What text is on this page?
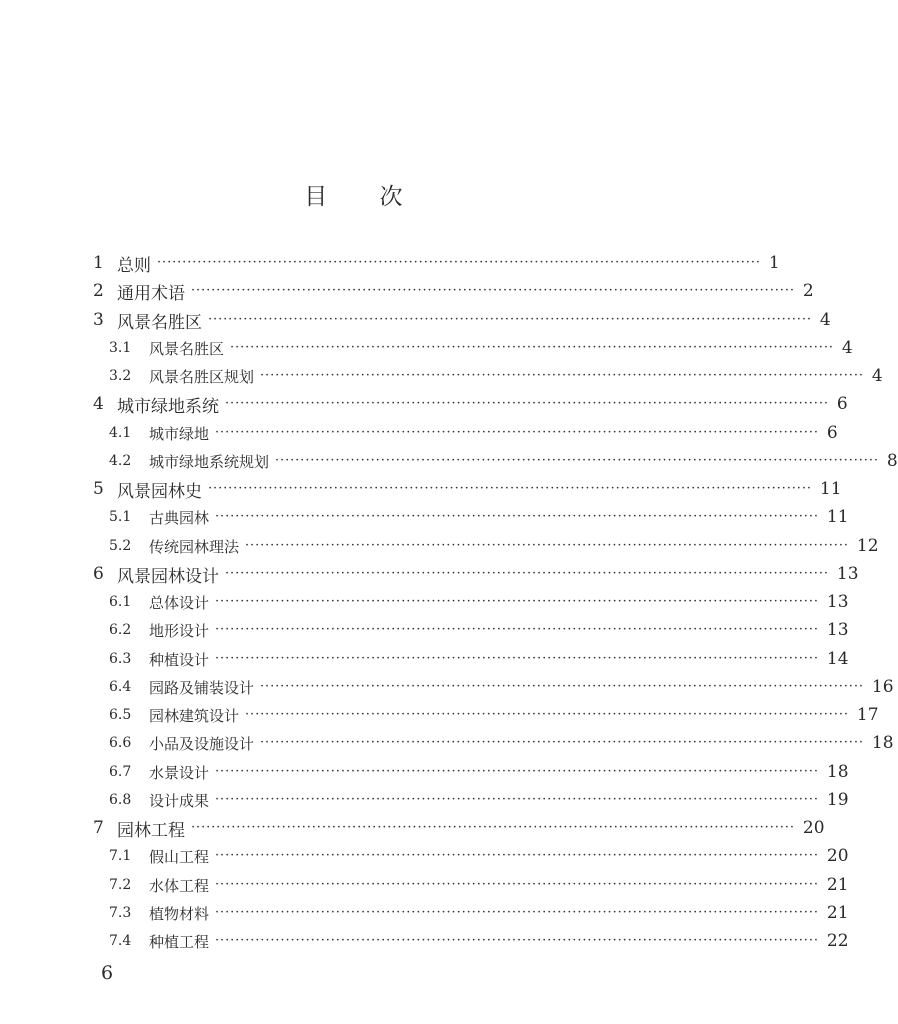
目 次
1 总则 ························································································································ 1
2 通用术语 ························································································································ 2
3 风景名胜区 ························································································································ 4
3.1	风景名胜区 ························································································································ 4
3.2	风景名胜区规划 ························································································································ 4
4 城市绿地系统 ························································································································ 6
4.1	城市绿地 ························································································································ 6
4.2	城市绿地系统规划 ························································································································ 8
5 风景园林史 ························································································································ 11
5.1	古典园林 ························································································································ 11
5.2	传统园林理法 ························································································································ 12
6 风景园林设计 ························································································································ 13
6.1	总体设计 ························································································································ 13
6.2	地形设计 ························································································································ 13
6.3	种植设计 ························································································································ 14
6.4	园路及铺装设计 ························································································································ 16
6.5	园林建筑设计 ························································································································ 17
6.6	小品及设施设计 ························································································································ 18
6.7	水景设计 ························································································································ 18
6.8	设计成果 ························································································································ 19
7 园林工程 ························································································································ 20
7.1	假山工程 ························································································································ 20
7.2	水体工程 ························································································································ 21
7.3	植物材料 ························································································································ 21
7.4	种植工程 ························································································································ 22
6
